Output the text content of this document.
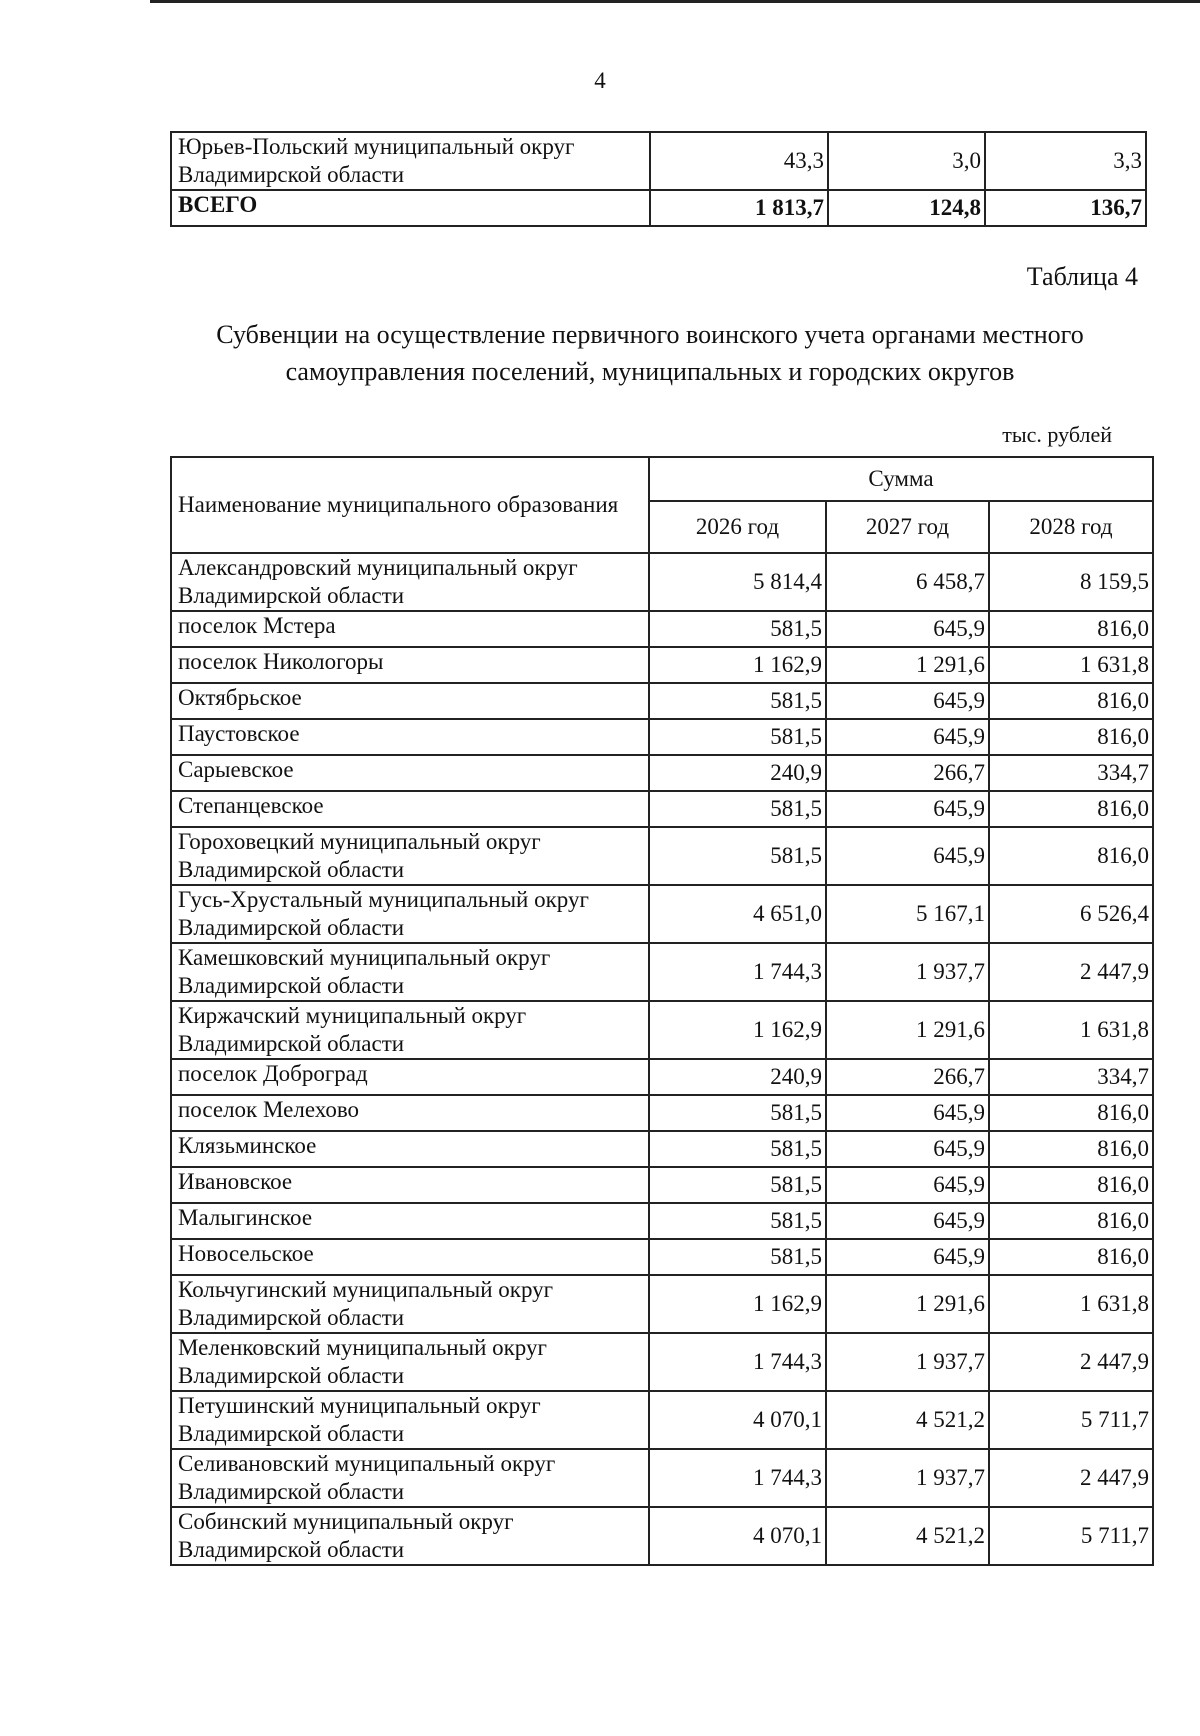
4
Юрьев-Польский муниципальный округ Владимирской области	43,3	3,0	3,3
ВСЕГО	1 813,7	124,8	136,7
Таблица 4
Субвенции на осуществление первичного воинского учета органами местного самоуправления поселений, муниципальных и городских округов
тыс. рублей
Наименование муниципального образования	Сумма		
	2026 год	2027 год	2028 год
Александровский муниципальный округ Владимирской области	5 814,4	6 458,7	8 159,5
поселок Мстера	581,5	645,9	816,0
поселок Никологоры	1 162,9	1 291,6	1 631,8
Октябрьское	581,5	645,9	816,0
Паустовское	581,5	645,9	816,0
Сарыевское	240,9	266,7	334,7
Степанцевское	581,5	645,9	816,0
Гороховецкий муниципальный округ Владимирской области	581,5	645,9	816,0
Гусь-Хрустальный муниципальный округ Владимирской области	4 651,0	5 167,1	6 526,4
Камешковский муниципальный округ Владимирской области	1 744,3	1 937,7	2 447,9
Киржачский муниципальный округ Владимирской области	1 162,9	1 291,6	1 631,8
поселок Доброград	240,9	266,7	334,7
поселок Мелехово	581,5	645,9	816,0
Клязьминское	581,5	645,9	816,0
Ивановское	581,5	645,9	816,0
Малыгинское	581,5	645,9	816,0
Новосельское	581,5	645,9	816,0
Кольчугинский муниципальный округ Владимирской области	1 162,9	1 291,6	1 631,8
Меленковский муниципальный округ Владимирской области	1 744,3	1 937,7	2 447,9
Петушинский муниципальный округ Владимирской области	4 070,1	4 521,2	5 711,7
Селивановский муниципальный округ Владимирской области	1 744,3	1 937,7	2 447,9
Собинский муниципальный округ Владимирской области	4 070,1	4 521,2	5 711,7
